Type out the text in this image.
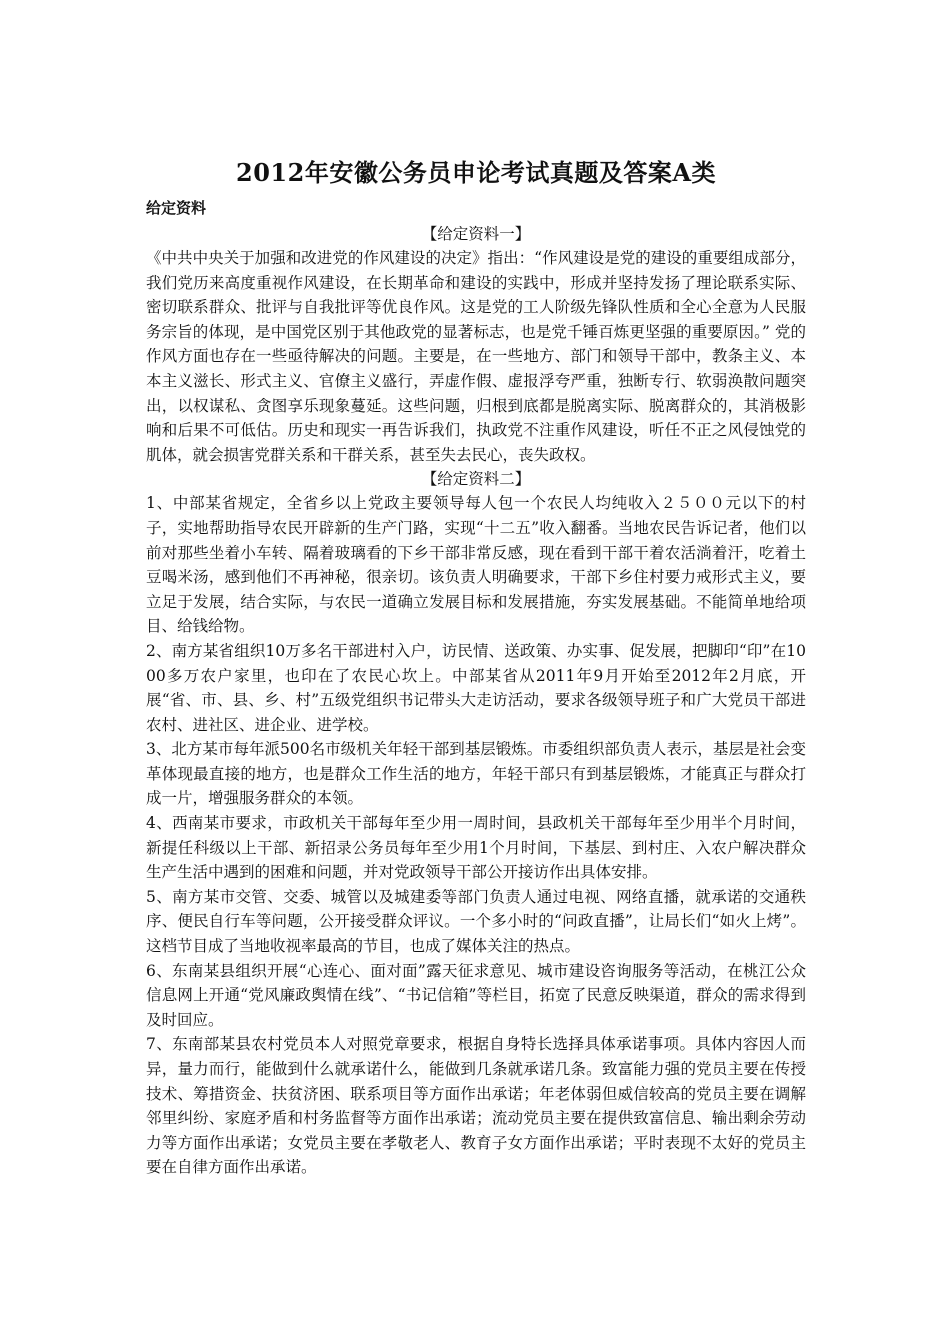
2012年安徽公务员申论考试真题及答案A类
给定资料
【给定资料一】

《中共中央关于加强和改进党的作风建设的决定》指出：“作风建设是党的建设的重要组成部分，我们党历来高度重视作风建设，在长期革命和建设的实践中，形成并坚持发扬了理论联系实际、密切联系群众、批评与自我批评等优良作风。这是党的工人阶级先锋队性质和全心全意为人民服务宗旨的体现，是中国党区别于其他政党的显著标志，也是党千锤百炼更坚强的重要原因。” 党的作风方面也存在一些亟待解决的问题。主要是，在一些地方、部门和领导干部中，教条主义、本本主义滋长、形式主义、官僚主义盛行，弄虚作假、虚报浮夸严重，独断专行、软弱涣散问题突出，以权谋私、贪图享乐现象蔓延。这些问题，归根到底都是脱离实际、脱离群众的，其消极影响和后果不可低估。历史和现实一再告诉我们，执政党不注重作风建设，听任不正之风侵蚀党的肌体，就会损害党群关系和干群关系，甚至失去民心，丧失政权。

【给定资料二】

1、中部某省规定，全省乡以上党政主要领导每人包一个农民人均纯收入２５００元以下的村子，实地帮助指导农民开辟新的生产门路，实现“十二五”收入翻番。当地农民告诉记者，他们以前对那些坐着小车转、隔着玻璃看的下乡干部非常反感，现在看到干部干着农活淌着汗，吃着土豆喝米汤，感到他们不再神秘，很亲切。该负责人明确要求，干部下乡住村要力戒形式主义，要立足于发展，结合实际，与农民一道确立发展目标和发展措施，夯实发展基础。不能简单地给项目、给钱给物。

2、南方某省组织10万多名干部进村入户，访民情、送政策、办实事、促发展，把脚印“印”在1000多万农户家里，也印在了农民心坎上。中部某省从2011年9月开始至2012年2月底，开展“省、市、县、乡、村”五级党组织书记带头大走访活动，要求各级领导班子和广大党员干部进农村、进社区、进企业、进学校。

3、北方某市每年派500名市级机关年轻干部到基层锻炼。市委组织部负责人表示，基层是社会变革体现最直接的地方，也是群众工作生活的地方，年轻干部只有到基层锻炼，才能真正与群众打成一片，增强服务群众的本领。

4、西南某市要求，市政机关干部每年至少用一周时间，县政机关干部每年至少用半个月时间，新提任科级以上干部、新招录公务员每年至少用1个月时间，下基层、到村庄、入农户解决群众生产生活中遇到的困难和问题，并对党政领导干部公开接访作出具体安排。

5、南方某市交管、交委、城管以及城建委等部门负责人通过电视、网络直播，就承诺的交通秩序、便民自行车等问题，公开接受群众评议。一个多小时的“问政直播”，让局长们“如火上烤”。这档节目成了当地收视率最高的节目，也成了媒体关注的热点。

6、东南某县组织开展“心连心、面对面”露天征求意见、城市建设咨询服务等活动，在桃江公众信息网上开通“党风廉政舆情在线”、“书记信箱”等栏目，拓宽了民意反映渠道，群众的需求得到及时回应。

7、东南部某县农村党员本人对照党章要求，根据自身特长选择具体承诺事项。具体内容因人而异，量力而行，能做到什么就承诺什么，能做到几条就承诺几条。致富能力强的党员主要在传授技术、筹措资金、扶贫济困、联系项目等方面作出承诺；年老体弱但威信较高的党员主要在调解邻里纠纷、家庭矛盾和村务监督等方面作出承诺；流动党员主要在提供致富信息、输出剩余劳动力等方面作出承诺；女党员主要在孝敬老人、教育子女方面作出承诺；平时表现不太好的党员主要在自律方面作出承诺。
